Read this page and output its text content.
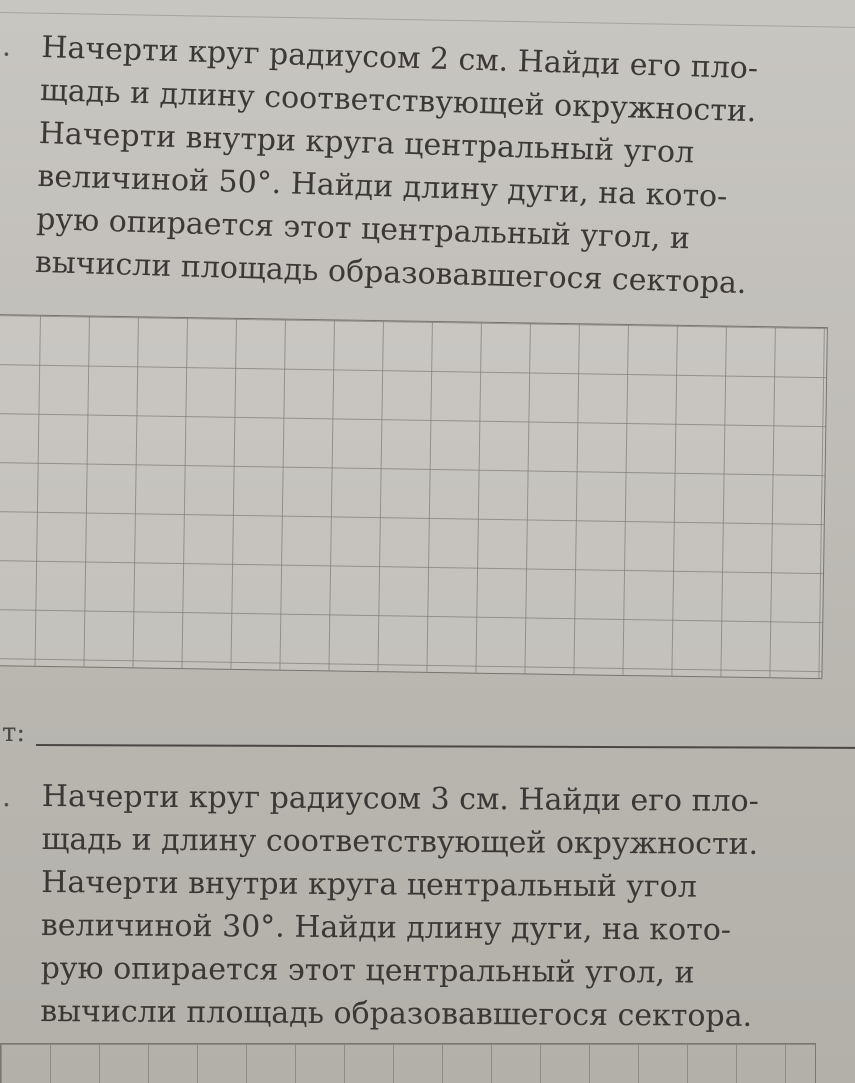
· Начерти круг радиусом 2 см. Найди его пло-
щадь и длину соответствующей окружности.
Начерти внутри круга центральный угол
величиной 50°. Найди длину дуги, на кото-
рую опирается этот центральный угол, и
вычисли площадь образовавшегося сектора.
т:
. Начерти круг радиусом 3 см. Найди его пло-
щадь и длину соответствующей окружности.
Начерти внутри круга центральный угол
величиной 30°. Найди длину дуги, на кото-
рую опирается этот центральный угол, и
вычисли площадь образовавшегося сектора.
